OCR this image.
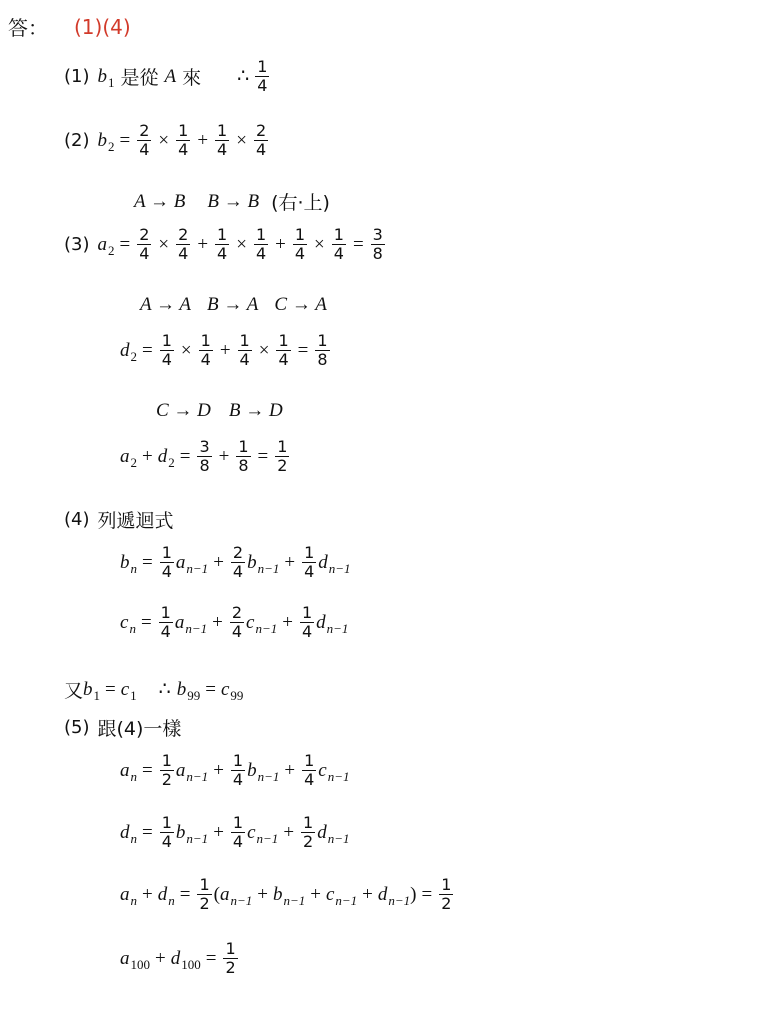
答： (1)(4)
(1) b 1 是從 A 來 ∴ $\frac{1}{4}$
(2) b $2 = \frac{2}{4} \times \frac{1}{4} + \frac{1}{4} \times \frac{2}{4}$
A → B B → B (右·上)
(3) a $2 = \frac{2}{4} \times \frac{2}{4} + \frac{1}{4} \times \frac{1}{4} + \frac{1}{4} \times \frac{1}{4} = \frac{3}{8}$
A → A B → A C → A
d $2 = \frac{1}{4} \times \frac{1}{4} + \frac{1}{4} \times \frac{1}{4} = \frac{1}{8}$
C → D B → D
a 2 + d $2 = \frac{3}{8} + \frac{1}{8} = \frac{1}{2}$
(4) 列遞迴式
b $n = \frac{1}{4}$ a $n-1 + \frac{2}{4}$ b $n-1 + \frac{1}{4}$ d n−1
c $n = \frac{1}{4}$ a $n-1 + \frac{2}{4}$ c $n-1 + \frac{1}{4}$ d n−1
又 b 1 = c 1 ∴ b 99 = c 99
(5) 跟(4)一樣
a $n = \frac{1}{2}$ a $n-1 + \frac{1}{4}$ b $n-1 + \frac{1}{4}$ c n−1
d $n = \frac{1}{4}$ b $n-1 + \frac{1}{4}$ c $n-1 + \frac{1}{2}$ d n−1
a n + d $n = \frac{1}{2}$ ( a n−1 + b n−1 + c n−1 + d n−1 ) = $\frac{1}{2}$
a 100 + d $100 = \frac{1}{2}$
